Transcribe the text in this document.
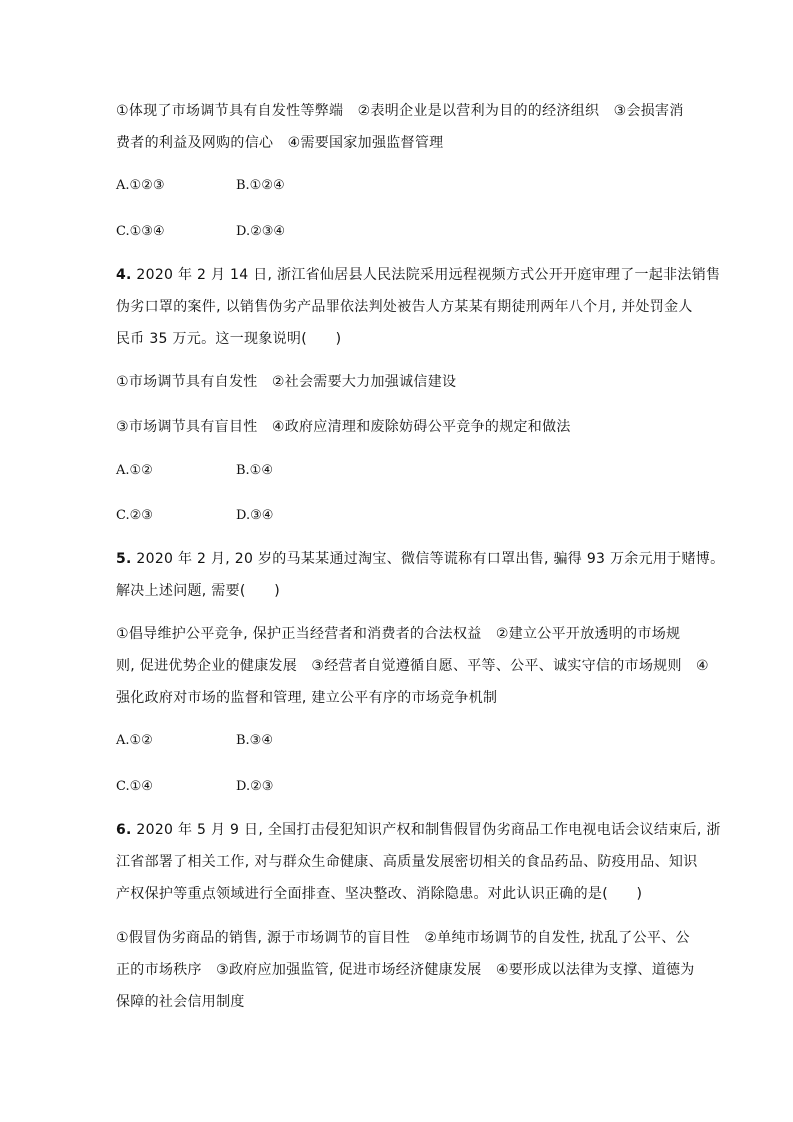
①体现了市场调节具有自发性等弊端　②表明企业是以营利为目的的经济组织　③会损害消
费者的利益及网购的信心　④需要国家加强监督管理
A.①②③	B.①②④
C.①③④	D.②③④
4. 2020 年 2 月 14 日, 浙江省仙居县人民法院采用远程视频方式公开开庭审理了一起非法销售
伪劣口罩的案件, 以销售伪劣产品罪依法判处被告人方某某有期徒刑两年八个月, 并处罚金人
民币 35 万元。这一现象说明(　　)
①市场调节具有自发性　②社会需要大力加强诚信建设
③市场调节具有盲目性　④政府应清理和废除妨碍公平竞争的规定和做法
A.①②	B.①④
C.②③	D.③④
5. 2020 年 2 月, 20 岁的马某某通过淘宝、微信等谎称有口罩出售, 骗得 93 万余元用于赌博。
解决上述问题, 需要(　　)
①倡导维护公平竞争, 保护正当经营者和消费者的合法权益　②建立公平开放透明的市场规
则, 促进优势企业的健康发展　③经营者自觉遵循自愿、平等、公平、诚实守信的市场规则　④
强化政府对市场的监督和管理, 建立公平有序的市场竞争机制
A.①②	B.③④
C.①④	D.②③
6. 2020 年 5 月 9 日, 全国打击侵犯知识产权和制售假冒伪劣商品工作电视电话会议结束后, 浙
江省部署了相关工作, 对与群众生命健康、高质量发展密切相关的食品药品、防疫用品、知识
产权保护等重点领域进行全面排查、坚决整改、消除隐患。对此认识正确的是(　　)
①假冒伪劣商品的销售, 源于市场调节的盲目性　②单纯市场调节的自发性, 扰乱了公平、公
正的市场秩序　③政府应加强监管, 促进市场经济健康发展　④要形成以法律为支撑、道德为
保障的社会信用制度
